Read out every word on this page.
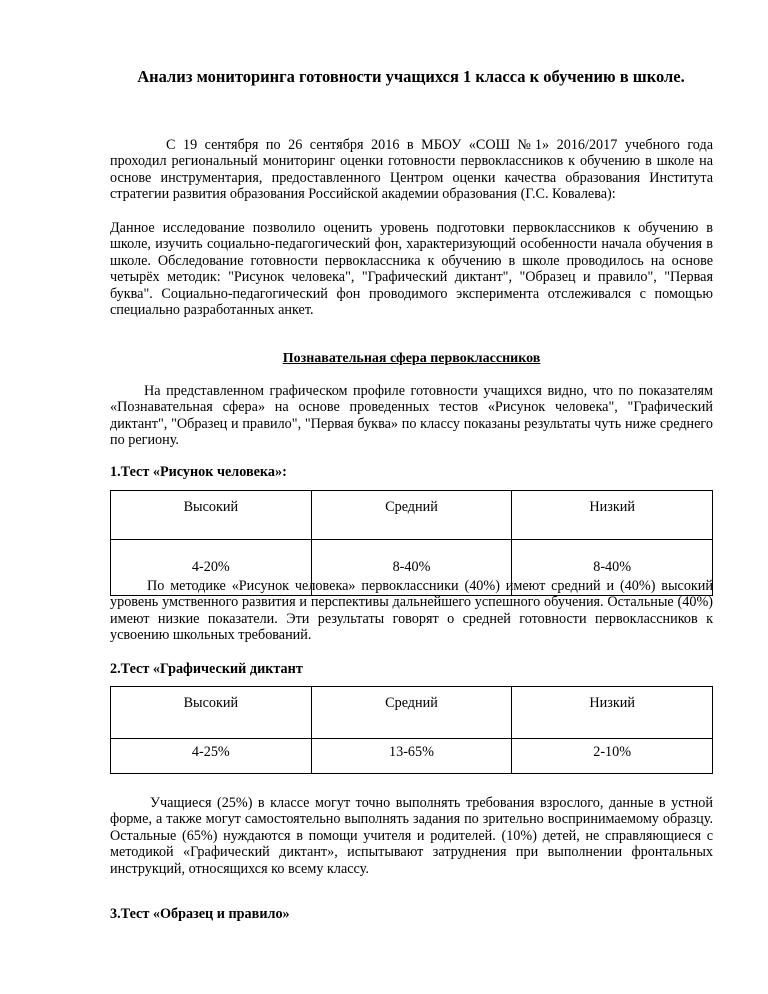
Анализ мониторинга готовности учащихся 1 класса к обучению в школе.
С 19 сентября по 26 сентября 2016 в МБОУ «СОШ №1» 2016/2017 учебного года проходил региональный мониторинг оценки готовности первоклассников к обучению в школе на основе инструментария, предоставленного Центром оценки качества образования Института стратегии развития образования Российской академии образования (Г.С. Ковалева):
Данное исследование позволило оценить уровень подготовки первоклассников к обучению в школе, изучить социально-педагогический фон, характеризующий особенности начала обучения в школе. Обследование готовности первоклассника к обучению в школе проводилось на основе четырёх методик: "Рисунок человека", "Графический диктант", "Образец и правило", "Первая буква". Социально-педагогический фон проводимого эксперимента отслеживался с помощью специально разработанных анкет.
Познавательная сфера первоклассников
На представленном графическом профиле готовности учащихся видно, что по показателям «Познавательная сфера» на основе проведенных тестов «Рисунок человека", "Графический диктант", "Образец и правило", "Первая буква» по классу показаны результаты чуть ниже среднего по региону.
1.Тест «Рисунок человека»:
Высокий	Средний	Низкий
4-20%	8-40%	8-40%
По методике «Рисунок человека» первоклассники (40%) имеют средний и (40%) высокий уровень умственного развития и перспективы дальнейшего успешного обучения. Остальные (40%) имеют низкие показатели. Эти результаты говорят о средней готовности первоклассников к усвоению школьных требований.
2.Тест «Графический диктант
Высокий	Средний	Низкий
4-25%	13-65%	2-10%
Учащиеся (25%) в классе могут точно выполнять требования взрослого, данные в устной форме, а также могут самостоятельно выполнять задания по зрительно воспринимаемому образцу. Остальные (65%) нуждаются в помощи учителя и родителей. (10%) детей, не справляющиеся с методикой «Графический диктант», испытывают затруднения при выполнении фронтальных инструкций, относящихся ко всему классу.
3.Тест «Образец и правило»
